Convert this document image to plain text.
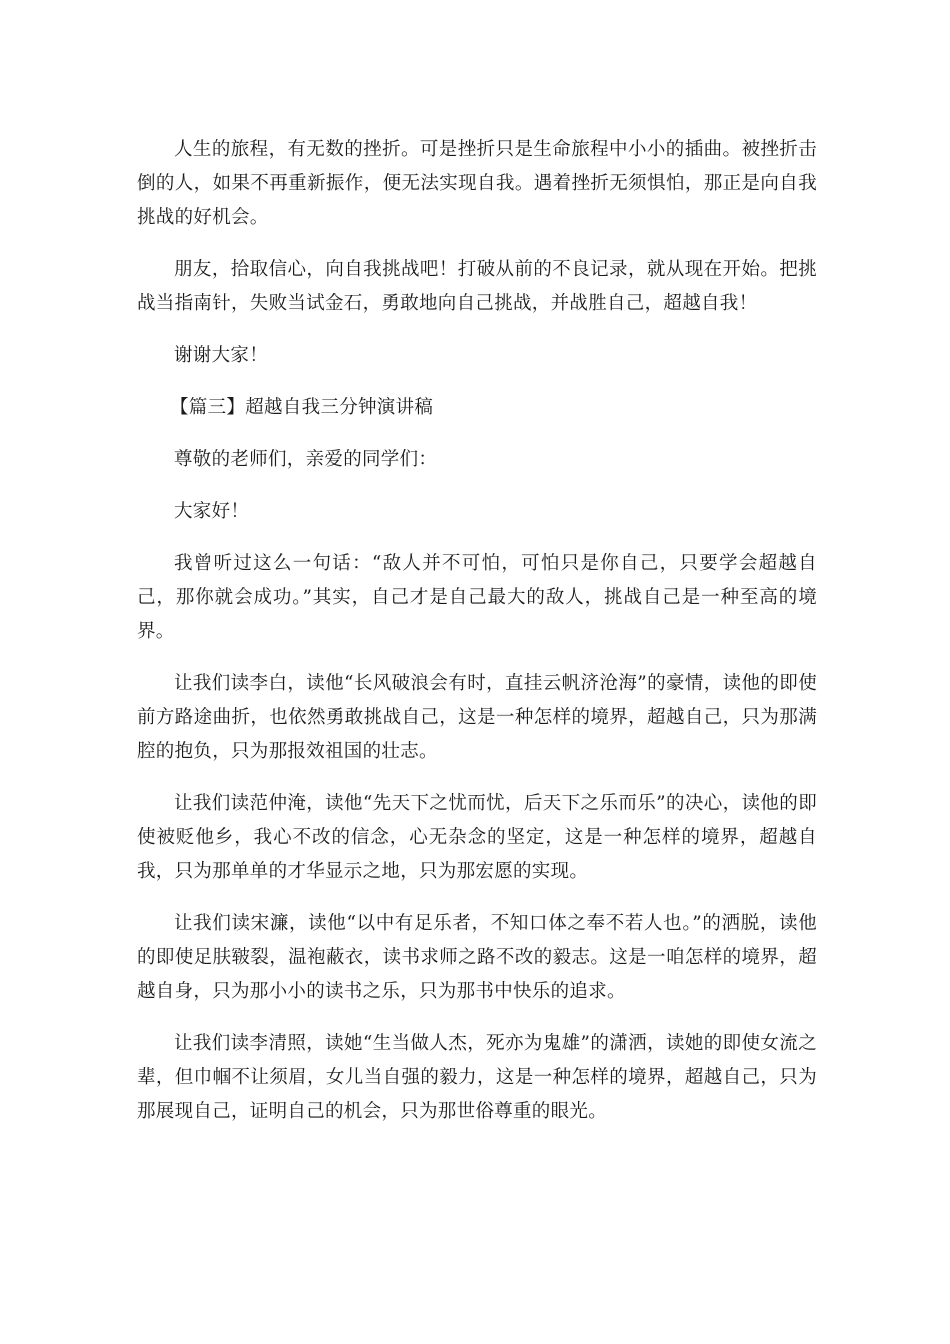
人生的旅程，有无数的挫折。可是挫折只是生命旅程中小小的插曲。被挫折击倒的人，如果不再重新振作，便无法实现自我。遇着挫折无须惧怕，那正是向自我挑战的好机会。

朋友，拾取信心，向自我挑战吧！打破从前的不良记录，就从现在开始。把挑战当指南针，失败当试金石，勇敢地向自己挑战，并战胜自己，超越自我！

谢谢大家！

【篇三】超越自我三分钟演讲稿

尊敬的老师们，亲爱的同学们：

大家好！

我曾听过这么一句话：“敌人并不可怕，可怕只是你自己，只要学会超越自己，那你就会成功。”其实，自己才是自己最大的敌人，挑战自己是一种至高的境界。

让我们读李白，读他“长风破浪会有时，直挂云帆济沧海”的豪情，读他的即使前方路途曲折，也依然勇敢挑战自己，这是一种怎样的境界，超越自己，只为那满腔的抱负，只为那报效祖国的壮志。

让我们读范仲淹，读他“先天下之忧而忧，后天下之乐而乐”的决心，读他的即使被贬他乡，我心不改的信念，心无杂念的坚定，这是一种怎样的境界，超越自我，只为那单单的才华显示之地，只为那宏愿的实现。

让我们读宋濂，读他“以中有足乐者，不知口体之奉不若人也。”的洒脱，读他的即使足肤皲裂，温袍蔽衣，读书求师之路不改的毅志。这是一咱怎样的境界，超越自身，只为那小小的读书之乐，只为那书中快乐的追求。

让我们读李清照，读她“生当做人杰，死亦为鬼雄”的潇洒，读她的即使女流之辈，但巾帼不让须眉，女儿当自强的毅力，这是一种怎样的境界，超越自己，只为那展现自己，证明自己的机会，只为那世俗尊重的眼光。
